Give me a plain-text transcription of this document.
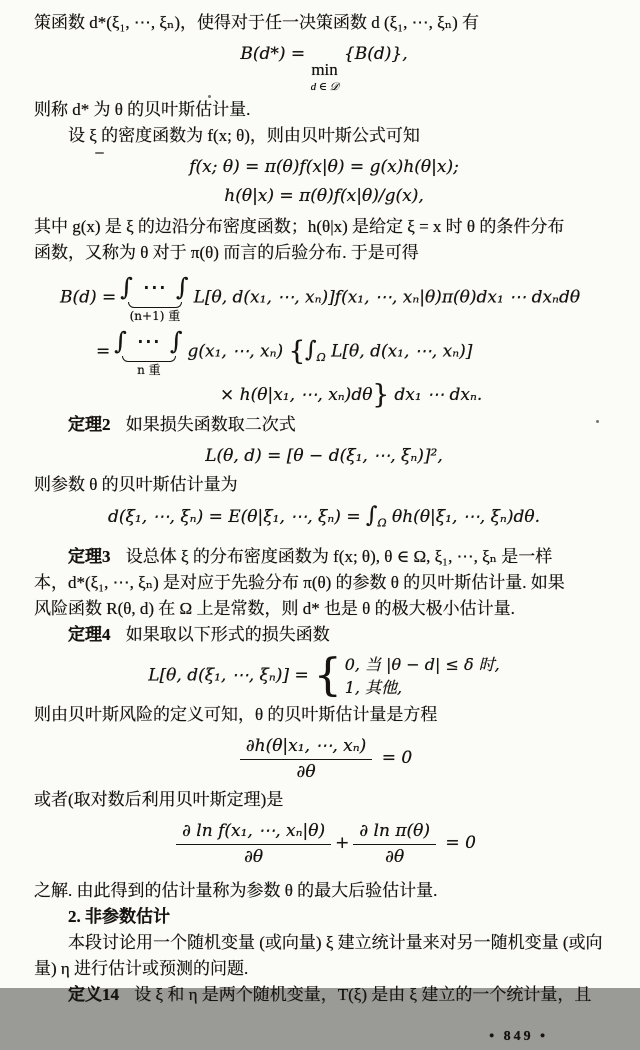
策函数 d*(ξ₁, ⋯, ξₙ)，使得对于任一决策函数 d (ξ₁, ⋯, ξₙ) 有
B(d*) =
min
d ∈ 𝒟
{B(d)},
则称 d* 为 θ 的贝叶斯估计量.
设 ξ 的密度函数为 f(x; θ)，则由贝叶斯公式可知
f(x; θ) = π(θ)f(x|θ) = g(x)h(θ|x);
h(θ|x) = π(θ)f(x|θ)/g(x),
其中 g(x) 是 ξ 的边沿分布密度函数；h(θ|x) 是给定 ξ = x 时 θ 的条件分布
函数，又称为 θ 对于 π(θ) 而言的后验分布. 于是可得
B(d) = ∫ ⋯ ∫
(n+1) 重
L[θ, d(x₁, ⋯, xₙ)]f(x₁, ⋯, xₙ|θ)π(θ)dx₁ ⋯ dxₙdθ
= ∫ ⋯ ∫
n 重
g(x₁, ⋯, xₙ) {$\int_\Omega$ L[θ, d(x₁, ⋯, xₙ)]
× h(θ|x₁, ⋯, xₙ)dθ} dx₁ ⋯ dxₙ.
定理2 如果损失函数取二次式
L(θ, d) = [θ − d(ξ₁, ⋯, ξₙ)]²,
则参数 θ 的贝叶斯估计量为
d(ξ₁, ⋯, ξₙ) = E(θ|ξ₁, ⋯, $\xi_n) = \int_\Omega$ θh(θ|ξ₁, ⋯, ξₙ)dθ.
定理3 设总体 ξ 的分布密度函数为 f(x; θ), θ ∈ Ω, ξ₁, ⋯, ξₙ 是一样
本，d*(ξ₁, ⋯, ξₙ) 是对应于先验分布 π(θ) 的参数 θ 的贝叶斯估计量. 如果
风险函数 R(θ, d) 在 Ω 上是常数，则 d* 也是 θ 的极大极小估计量.
定理4 如果取以下形式的损失函数
L[θ, d(ξ₁, ⋯, ξₙ)] = { 0, 当 |θ − d| ≤ δ 时,
1, 其他,
则由贝叶斯风险的定义可知，θ 的贝叶斯估计量是方程
$\frac{\text{∂h(θ|x₁, ⋯, xₙ)}}{\partial\theta} = 0$
或者(取对数后利用贝叶斯定理)是
$\frac{\text{∂ ln f(x₁, ⋯, xₙ|θ)}}{\partial\theta} + \frac{\text{∂ ln π(θ)}}{\partial\theta} = 0$
之解. 由此得到的估计量称为参数 θ 的最大后验估计量.
2. 非参数估计
本段讨论用一个随机变量 (或向量) ξ 建立统计量来对另一随机变量 (或向
量) η 进行估计或预测的问题.
定义14 设 ξ 和 η 是两个随机变量，T(ξ) 是由 ξ 建立的一个统计量，且
• 849 •
